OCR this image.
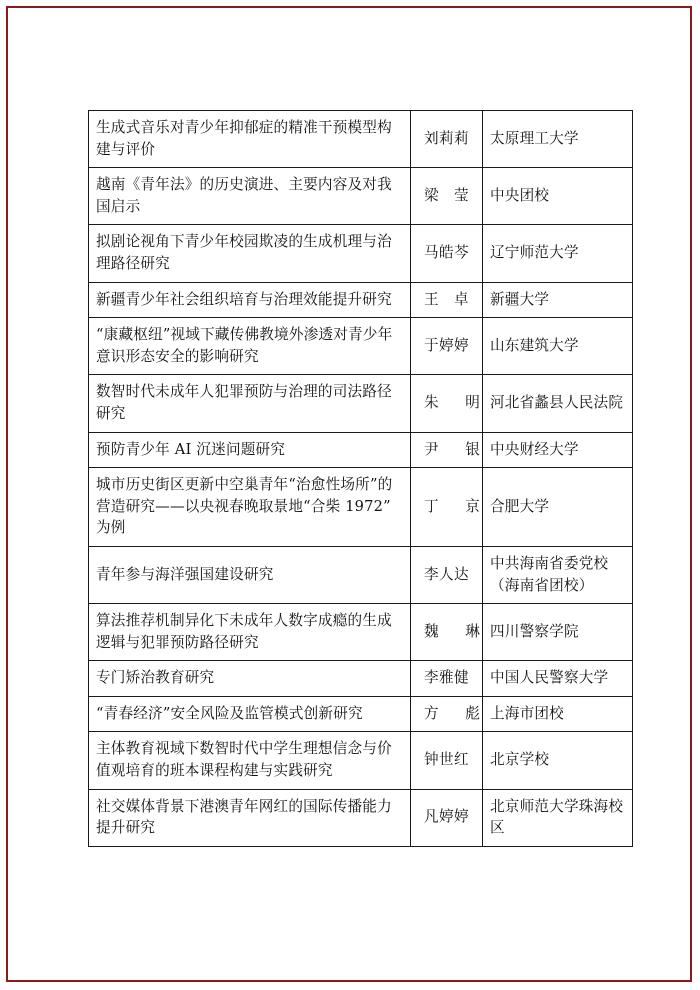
生成式音乐对青少年抑郁症的精准干预模型构建与评价	刘莉莉	太原理工大学
越南《青年法》的历史演进、主要内容及对我国启示	梁　莹	中央团校
拟剧论视角下青少年校园欺凌的生成机理与治理路径研究	马皓芩	辽宁师范大学
新疆青少年社会组织培育与治理效能提升研究	王　卓	新疆大学
“康藏枢纽”视域下藏传佛教境外渗透对青少年意识形态安全的影响研究	于婷婷	山东建筑大学
数智时代未成年人犯罪预防与治理的司法路径研究	朱　明	河北省蠡县人民法院
预防青少年 AI 沉迷问题研究	尹　银	中央财经大学
城市历史街区更新中空巢青年“治愈性场所”的营造研究——以央视春晚取景地“合柴 1972”为例	丁　京	合肥大学
青年参与海洋强国建设研究	李人达	中共海南省委党校（海南省团校）
算法推荐机制异化下未成年人数字成瘾的生成逻辑与犯罪预防路径研究	魏　琳	四川警察学院
专门矫治教育研究	李雅健	中国人民警察大学
“青春经济”安全风险及监管模式创新研究	方　彪	上海市团校
主体教育视域下数智时代中学生理想信念与价值观培育的班本课程构建与实践研究	钟世红	北京学校
社交媒体背景下港澳青年网红的国际传播能力提升研究	凡婷婷	北京师范大学珠海校区
